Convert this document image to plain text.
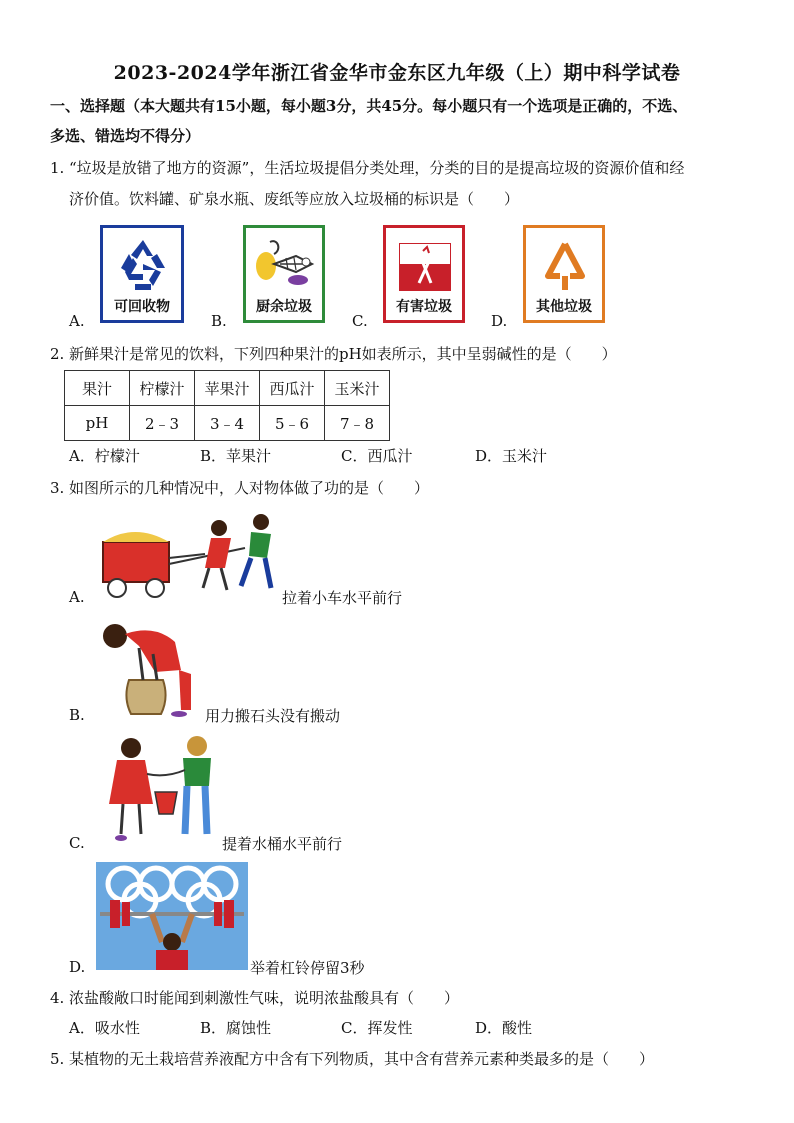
2023-2024学年浙江省金华市金东区九年级（上）期中科学试卷
一、选择题（本大题共有15小题，每小题3分，共45分。每小题只有一个选项是正确的，不选、
多选、错选均不得分）
1. “垃圾是放错了地方的资源”，生活垃圾提倡分类处理，分类的目的是提高垃圾的资源价值和经
济价值。饮料罐、矿泉水瓶、废纸等应放入垃圾桶的标识是（　　）
A.
可回收物
B.
厨余垃圾
C.
有害垃圾
D.
其他垃圾
2. 新鲜果汁是常见的饮料，下列四种果汁的pH如表所示，其中呈弱碱性的是（　　）
果汁	柠檬汁	苹果汁	西瓜汁	玉米汁
pH	2﹣3	3﹣4	5﹣6	7﹣8
A．柠檬汁	B．苹果汁	C．西瓜汁	D．玉米汁
3. 如图所示的几种情况中，人对物体做了功的是（　　）
A.	拉着小车水平前行
B.	用力搬石头没有搬动
C.	提着水桶水平前行
D.	举着杠铃停留3秒
4. 浓盐酸敞口时能闻到刺激性气味，说明浓盐酸具有（　　）
A．吸水性	B．腐蚀性	C．挥发性	D．酸性
5. 某植物的无土栽培营养液配方中含有下列物质，其中含有营养元素种类最多的是（　　）
